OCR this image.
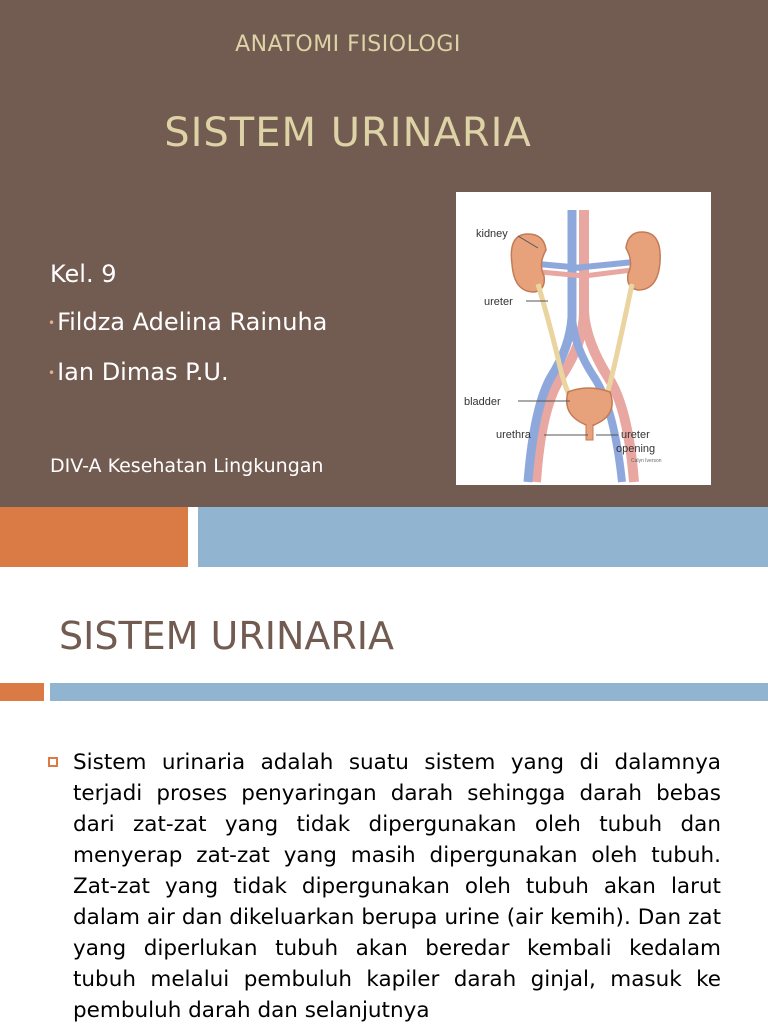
ANATOMI FISIOLOGI
SISTEM URINARIA
Kel. 9
•Fildza Adelina Rainuha
•Ian Dimas P.U.
DIV-A Kesehatan Lingkungan
kidney
ureter
bladder
urethra	ureter
opening
Calyn Iverson
SISTEM URINARIA
Sistem urinaria adalah suatu sistem yang di dalamnya terjadi proses penyaringan darah sehingga darah bebas dari zat-zat yang tidak dipergunakan oleh tubuh dan menyerap zat-zat yang masih dipergunakan oleh tubuh. Zat-zat yang tidak dipergunakan oleh tubuh akan larut dalam air dan dikeluarkan berupa urine (air kemih). Dan zat yang diperlukan tubuh akan beredar kembali kedalam tubuh melalui pembuluh kapiler darah ginjal, masuk ke pembuluh darah dan selanjutnya
